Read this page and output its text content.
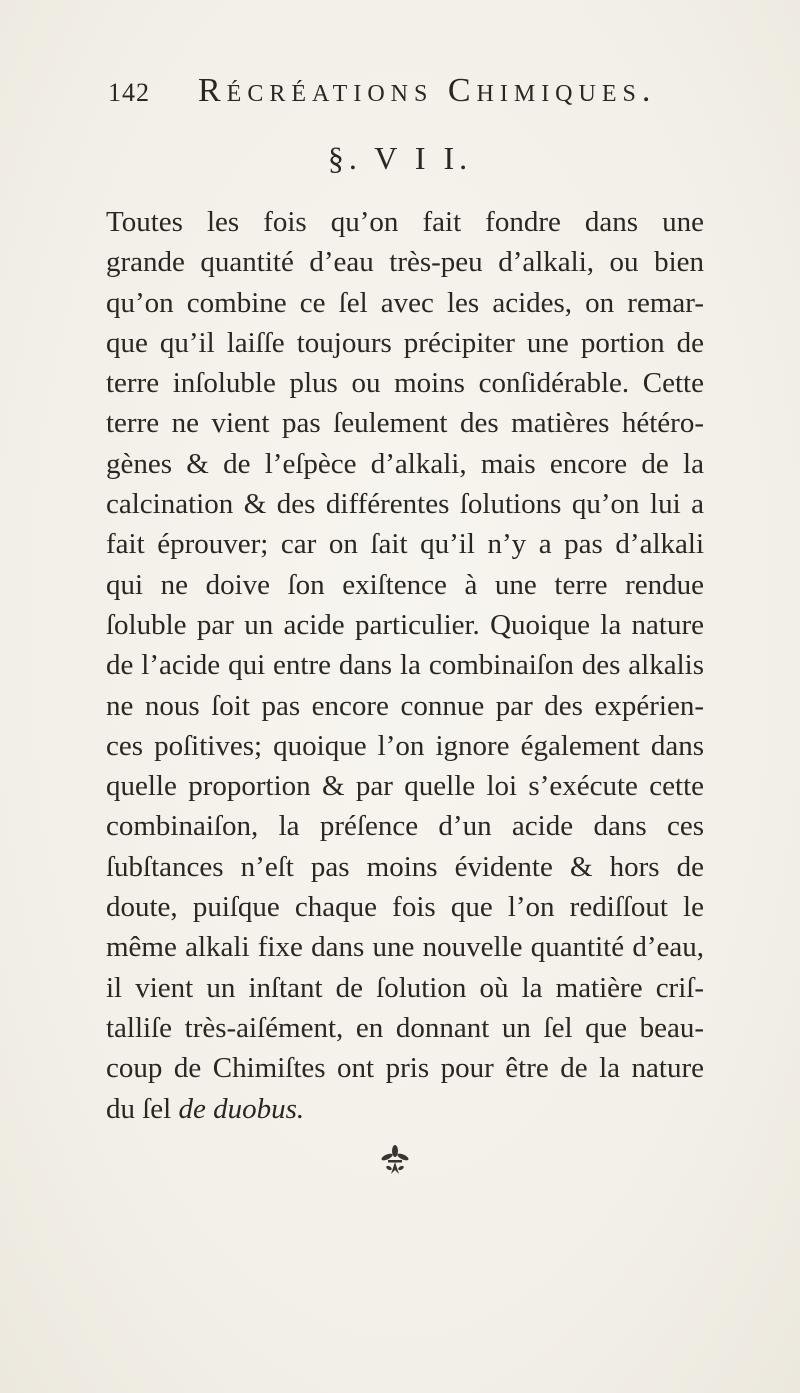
142 Récréations Chimiques.
§. V I I.
Toutes les fois qu’on fait fondre dans une
grande quantité d’eau très-peu d’alkali, ou bien
qu’on combine ce ſel avec les acides, on remar-
que qu’il laiſſe toujours précipiter une portion de
terre inſoluble plus ou moins conſidérable. Cette
terre ne vient pas ſeulement des matières hétéro-
gènes & de l’eſpèce d’alkali, mais encore de la
calcination & des différentes ſolutions qu’on lui a
fait éprouver; car on ſait qu’il n’y a pas d’alkali
qui ne doive ſon exiſtence à une terre rendue
ſoluble par un acide particulier. Quoique la nature
de l’acide qui entre dans la combinaiſon des alkalis
ne nous ſoit pas encore connue par des expérien-
ces poſitives; quoique l’on ignore également dans
quelle proportion & par quelle loi s’exécute cette
combinaiſon, la préſence d’un acide dans ces
ſubſtances n’eſt pas moins évidente & hors de
doute, puiſque chaque fois que l’on rediſſout le
même alkali fixe dans une nouvelle quantité d’eau,
il vient un inſtant de ſolution où la matière criſ-
talliſe très-aiſément, en donnant un ſel que beau-
coup de Chimiſtes ont pris pour être de la nature
du ſel de duobus.
